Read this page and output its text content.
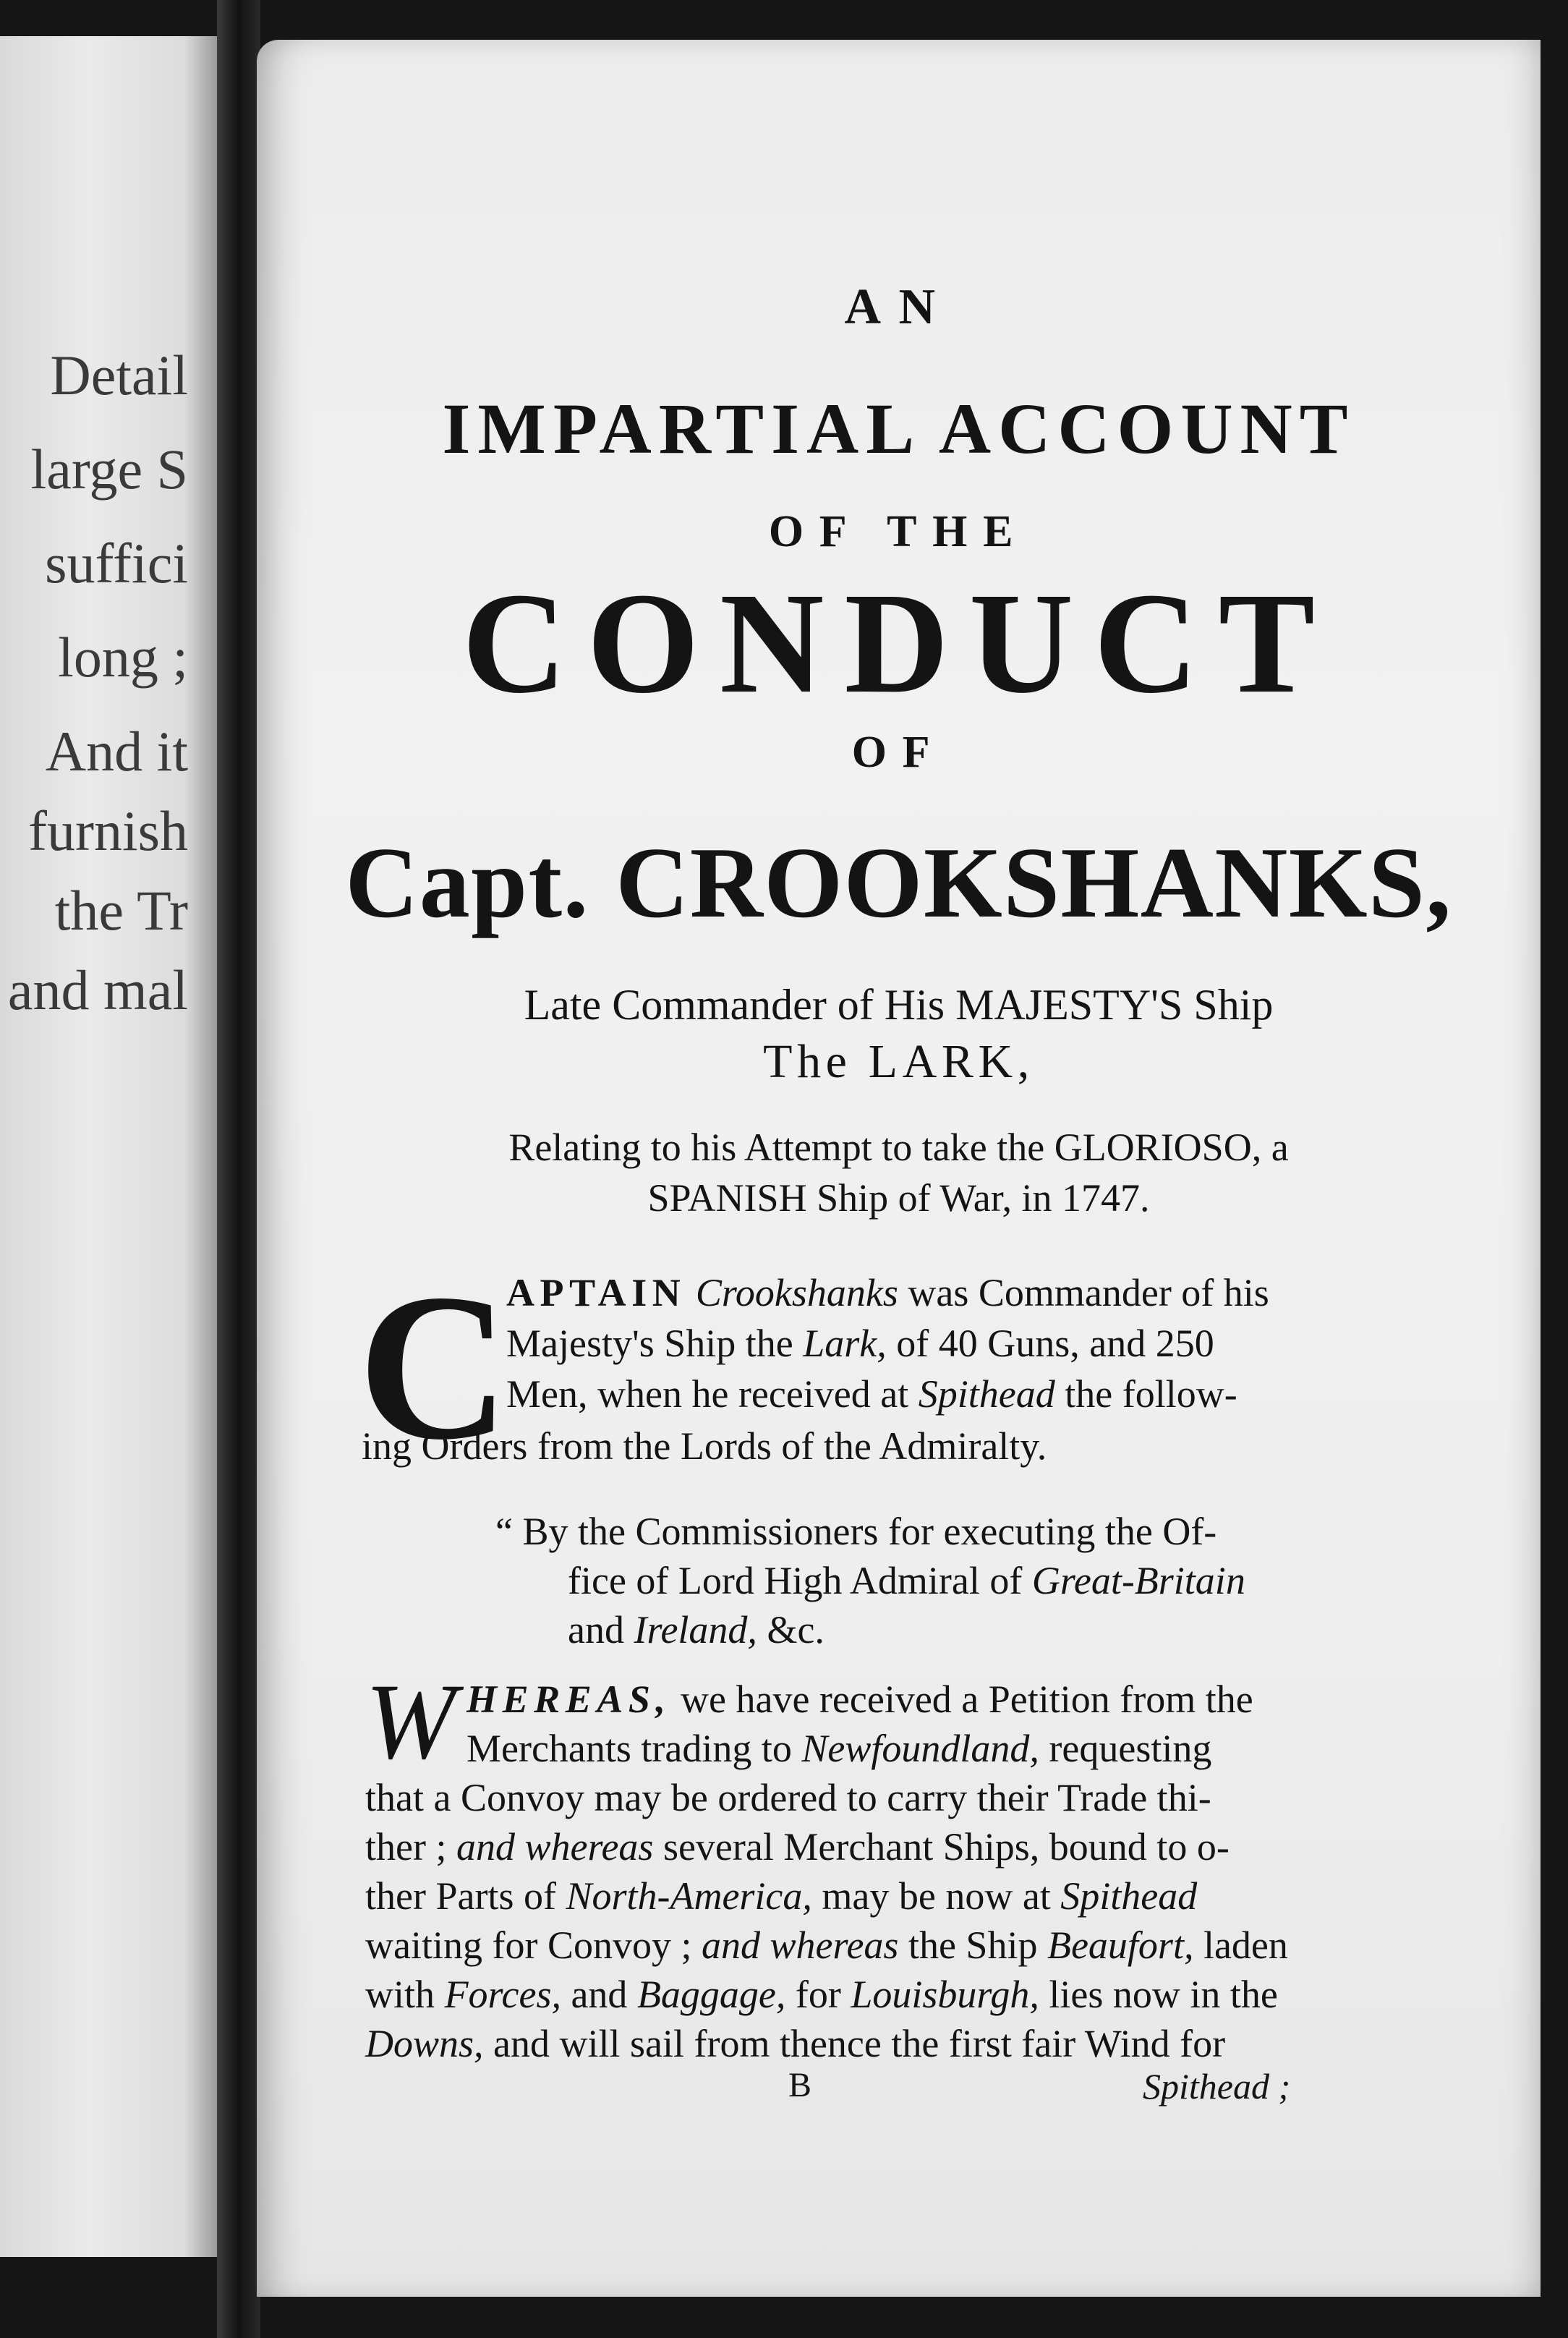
Detail
large S
suffici
long ;
And it
furnish
the Tr
and mal
AN
IMPARTIAL ACCOUNT
OF THE
CONDUCT
OF
Capt. CROOKSHANKS,
Late Commander of His MAJESTY'S Ship
The LARK,
Relating to his Attempt to take the GLORIOSO, a
SPANISH Ship of War, in 1747.
C
APTAIN Crookshanks was Commander of his
Majesty's Ship the Lark, of 40 Guns, and 250
Men, when he received at Spithead the follow-
ing Orders from the Lords of the Admiralty.
“ By the Commissioners for executing the Of-
fice of Lord High Admiral of Great-Britain
and Ireland, &c.
W HEREAS, we have received a Petition from the
Merchants trading to Newfoundland, requesting
that a Convoy may be ordered to carry their Trade thi-
ther ; and whereas several Merchant Ships, bound to o-
ther Parts of North-America, may be now at Spithead
waiting for Convoy ; and whereas the Ship Beaufort, laden
with Forces, and Baggage, for Louisburgh, lies now in the
Downs, and will sail from thence the first fair Wind for
B	Spithead ;
